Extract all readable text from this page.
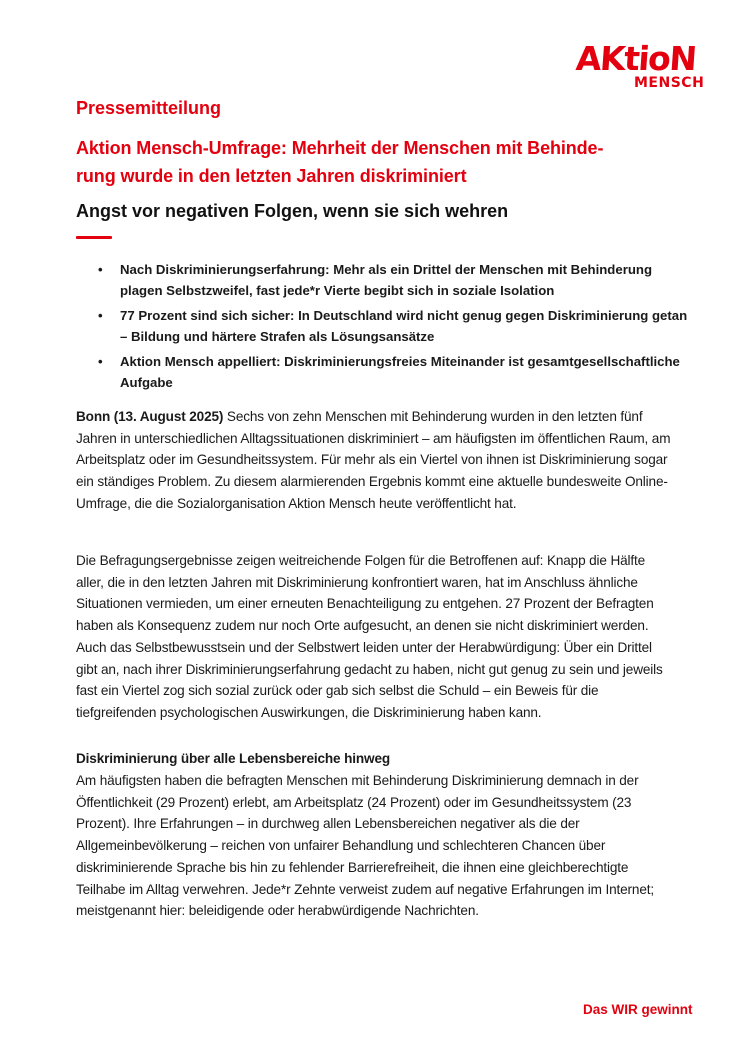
AKtioN
MENSCH
Pressemitteilung
Aktion Mensch-Umfrage: Mehrheit der Menschen mit Behinde-
rung wurde in den letzten Jahren diskriminiert
Angst vor negativen Folgen, wenn sie sich wehren
• Nach Diskriminierungserfahrung: Mehr als ein Drittel der Menschen mit Behinderung plagen Selbstzweifel, fast jede*r Vierte begibt sich in soziale Isolation
• 77 Prozent sind sich sicher: In Deutschland wird nicht genug gegen Diskriminierung getan – Bildung und härtere Strafen als Lösungsansätze
• Aktion Mensch appelliert: Diskriminierungsfreies Miteinander ist gesamtgesellschaftliche Aufgabe

Bonn (13. August 2025) Sechs von zehn Menschen mit Behinderung wurden in den letzten fünf Jahren in unterschiedlichen Alltagssituationen diskriminiert – am häufigsten im öffentlichen Raum, am Arbeitsplatz oder im Gesundheitssystem. Für mehr als ein Viertel von ihnen ist Diskriminierung sogar ein ständiges Problem. Zu diesem alarmierenden Ergebnis kommt eine aktuelle bundesweite Online-Umfrage, die die Sozialorganisation Aktion Mensch heute veröffentlicht hat.

Die Befragungsergebnisse zeigen weitreichende Folgen für die Betroffenen auf: Knapp die Hälfte aller, die in den letzten Jahren mit Diskriminierung konfrontiert waren, hat im Anschluss ähnliche Situationen vermieden, um einer erneuten Benachteiligung zu entgehen. 27 Prozent der Befragten haben als Konsequenz zudem nur noch Orte aufgesucht, an denen sie nicht diskriminiert werden. Auch das Selbstbewusstsein und der Selbstwert leiden unter der Herabwürdigung: Über ein Drittel gibt an, nach ihrer Diskriminierungserfahrung gedacht zu haben, nicht gut genug zu sein und jeweils fast ein Viertel zog sich sozial zurück oder gab sich selbst die Schuld – ein Beweis für die tiefgreifenden psychologischen Auswirkungen, die Diskriminierung haben kann.

Diskriminierung über alle Lebensbereiche hinweg

Am häufigsten haben die befragten Menschen mit Behinderung Diskriminierung demnach in der Öffentlichkeit (29 Prozent) erlebt, am Arbeitsplatz (24 Prozent) oder im Gesundheitssystem (23 Prozent). Ihre Erfahrungen – in durchweg allen Lebensbereichen negativer als die der Allgemeinbevölkerung – reichen von unfairer Behandlung und schlechteren Chancen über diskriminierende Sprache bis hin zu fehlender Barrierefreiheit, die ihnen eine gleichberechtigte Teilhabe im Alltag verwehren. Jede*r Zehnte verweist zudem auf negative Erfahrungen im Internet; meistgenannt hier: beleidigende oder herabwürdigende Nachrichten.

Das WIR gewinnt
